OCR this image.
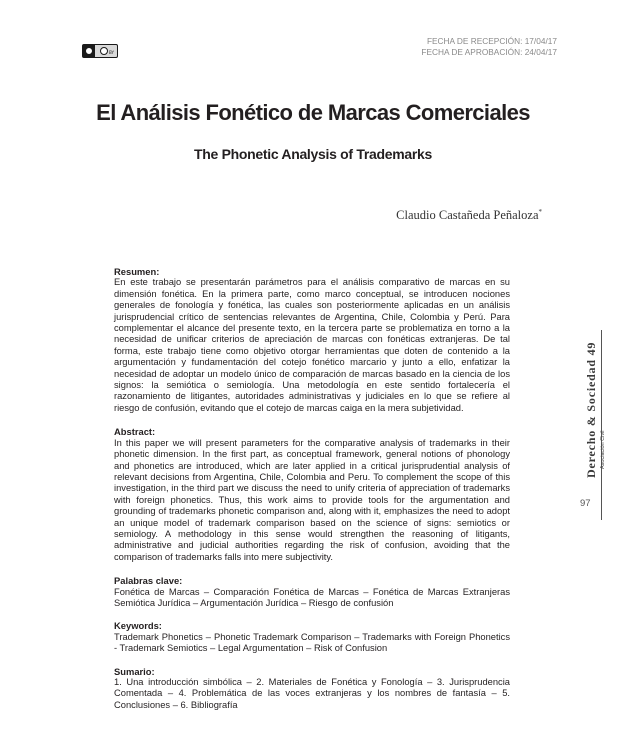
BY
FECHA DE RECEPCIÓN: 17/04/17
FECHA DE APROBACIÓN: 24/04/17
El Análisis Fonético de Marcas Comerciales
The Phonetic Analysis of Trademarks
Claudio Castañeda Peñaloza*
Resumen:

En este trabajo se presentarán parámetros para el análisis comparativo de marcas en su dimensión fonética. En la primera parte, como marco conceptual, se introducen nociones generales de fonología y fonética, las cuales son posteriormente aplicadas en un análisis jurisprudencial crítico de sentencias relevantes de Argentina, Chile, Colombia y Perú. Para complementar el alcance del presente texto, en la tercera parte se problematiza en torno a la necesidad de unificar criterios de apreciación de marcas con fonéticas extranjeras. De tal forma, este trabajo tiene como objetivo otorgar herramientas que doten de contenido a la argumentación y fundamentación del cotejo fonético marcario y junto a ello, enfatizar la necesidad de adoptar un modelo único de comparación de marcas basado en la ciencia de los signos: la semiótica o semiología. Una metodología en este sentido fortalecería el razonamiento de litigantes, autoridades administrativas y judiciales en lo que se refiere al riesgo de confusión, evitando que el cotejo de marcas caiga en la mera subjetividad.

Abstract:

In this paper we will present parameters for the comparative analysis of trademarks in their phonetic dimension. In the first part, as conceptual framework, general notions of phonology and phonetics are introduced, which are later applied in a critical jurisprudential analysis of relevant decisions from Argentina, Chile, Colombia and Peru. To complement the scope of this investigation, in the third part we discuss the need to unify criteria of appreciation of trademarks with foreign phonetics. Thus, this work aims to provide tools for the argumentation and grounding of trademarks phonetic comparison and, along with it, emphasizes the need to adopt an unique model of trademark comparison based on the science of signs: semiotics or semiology. A methodology in this sense would strengthen the reasoning of litigants, administrative and judicial authorities regarding the risk of confusion, avoiding that the comparison of trademarks falls into mere subjectivity.

Palabras clave:

Fonética de Marcas – Comparación Fonética de Marcas – Fonética de Marcas Extranjeras Semiótica Jurídica – Argumentación Jurídica – Riesgo de confusión

Keywords:

Trademark Phonetics – Phonetic Trademark Comparison – Trademarks with Foreign Phonetics - Trademark Semiotics – Legal Argumentation – Risk of Confusion

Sumario:

1. Una introducción simbólica – 2. Materiales de Fonética y Fonología – 3. Jurisprudencia Comentada – 4. Problemática de las voces extranjeras y los nombres de fantasía – 5. Conclusiones – 6. Bibliografía

Derecho & Sociedad 49 Asociación Civil
97
